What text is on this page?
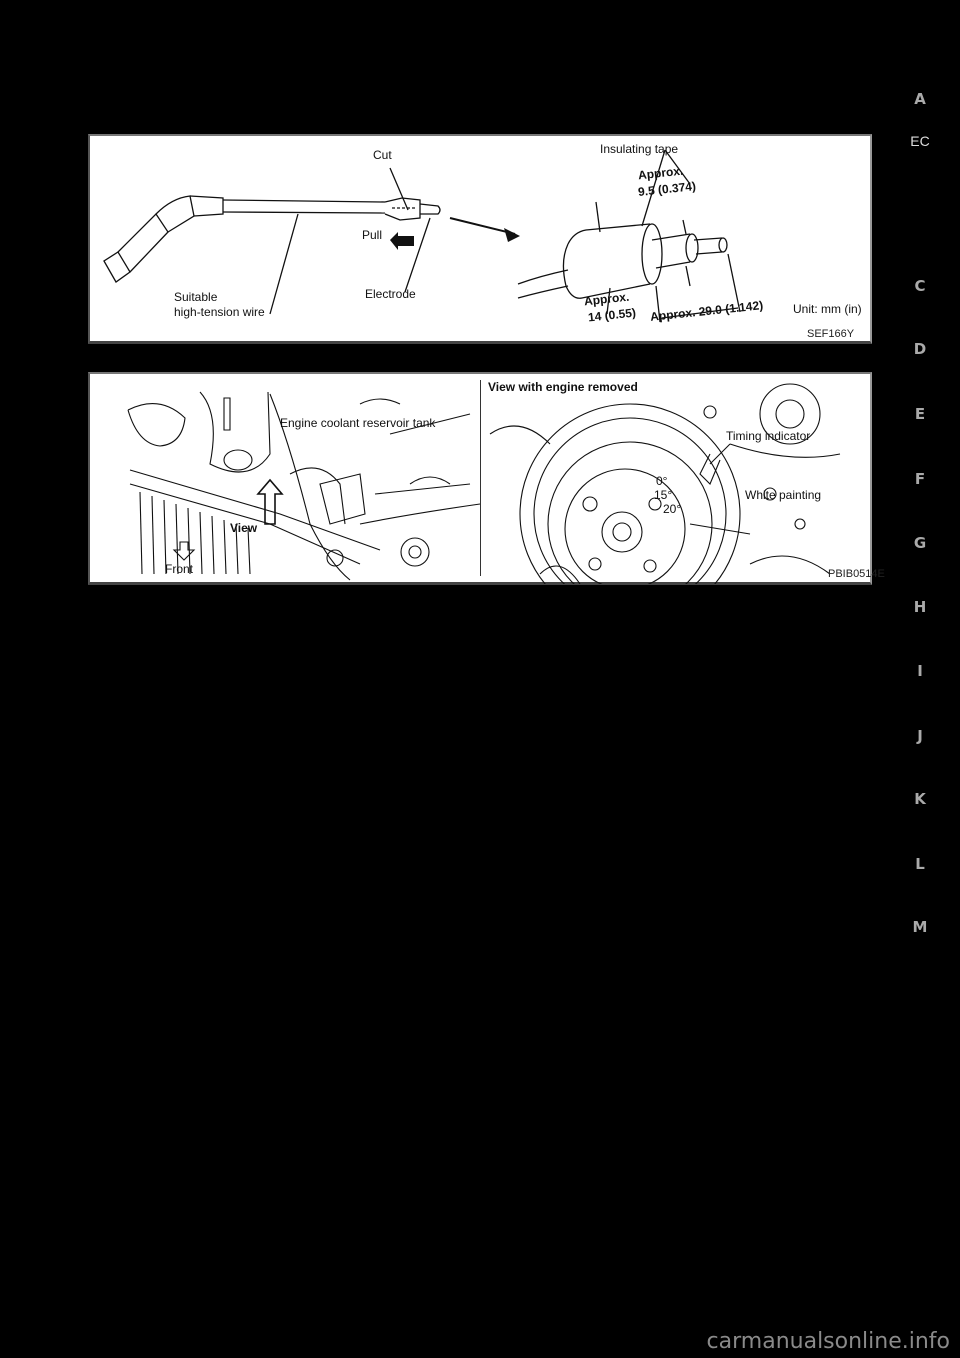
Cut
Pull
Electrode
Suitable
high-tension wire
Insulating tape
Approx.
9.5 (0.374)
Approx.
14 (0.55) Approx. 29.0 (1.142) Unit: mm (in)
SEF166Y
Engine coolant reservoir tank
View
Front
View with engine removed
Timing indicator
White painting
0°
15°
20°
PBIB0514E
A
EC
C
D
E
F
G
H
I
J
K
L
M
carmanualsonline.info
